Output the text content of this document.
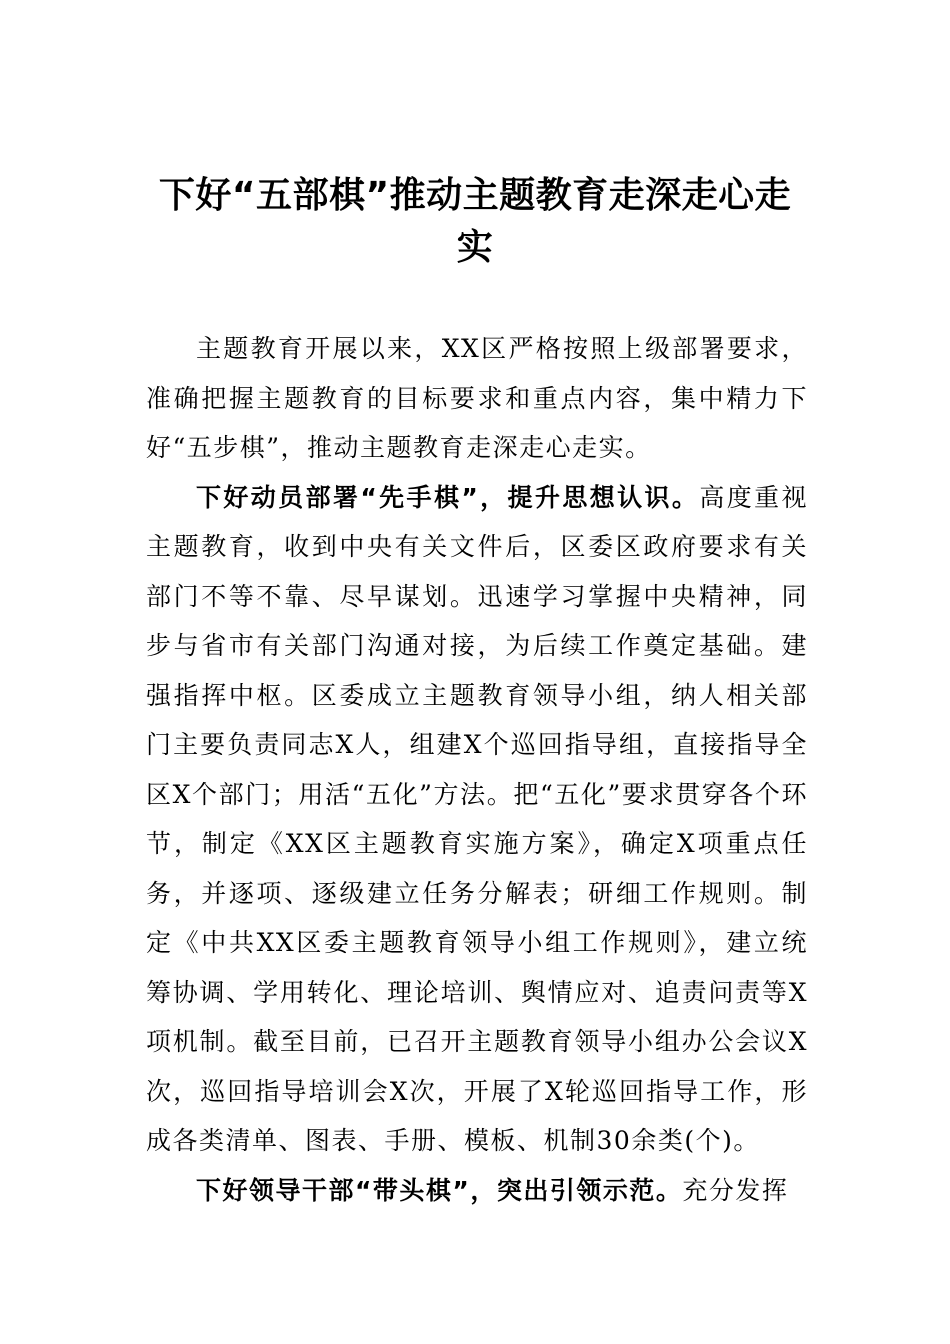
下好“五部棋”推动主题教育走深走心走实

主题教育开展以来，XX区严格按照上级部署要求，准确把握主题教育的目标要求和重点内容，集中精力下好“五步棋”，推动主题教育走深走心走实。

下好动员部署“先手棋”，提升思想认识。高度重视主题教育，收到中央有关文件后，区委区政府要求有关部门不等不靠、尽早谋划。迅速学习掌握中央精神，同步与省市有关部门沟通对接，为后续工作奠定基础。建强指挥中枢。区委成立主题教育领导小组，纳人相关部门主要负责同志X人，组建X个巡回指导组，直接指导全区X个部门；用活“五化”方法。把“五化”要求贯穿各个环节，制定《XX区主题教育实施方案》，确定X项重点任务，并逐项、逐级建立任务分解表；研细工作规则。制定《中共XX区委主题教育领导小组工作规则》，建立统筹协调、学用转化、理论培训、舆情应对、追责问责等X项机制。截至目前，已召开主题教育领导小组办公会议X次，巡回指导培训会X次，开展了X轮巡回指导工作，形成各类清单、图表、手册、模板、机制30余类(个)。

下好领导干部“带头棋”，突出引领示范。充分发挥
